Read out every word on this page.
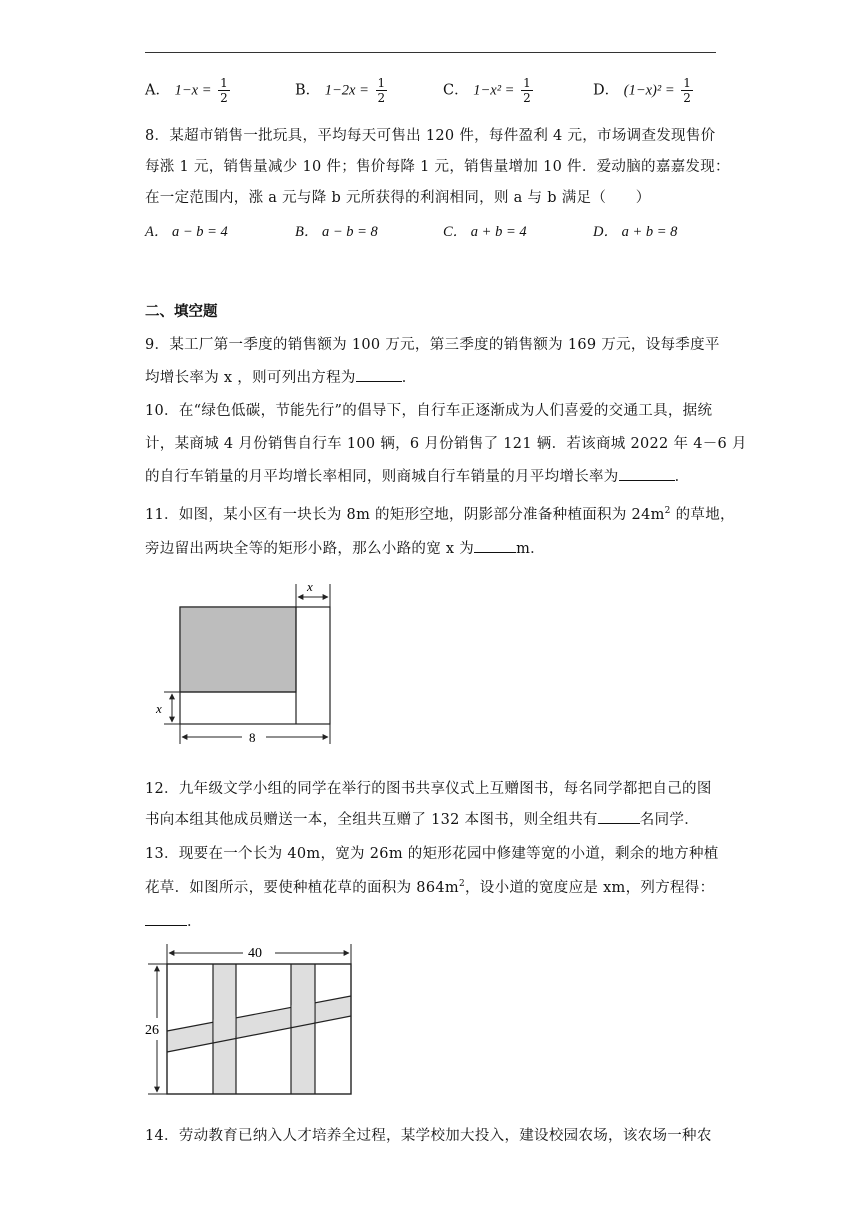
A． $1-x = \frac{1}{2}$	B． $1-2x = \frac{1}{2}$	C． $1-x^2 = \frac{1}{2}$	D． $(1-x)^2 = \frac{1}{2}$
8．某超市销售一批玩具，平均每天可售出 120 件，每件盈利 4 元，市场调查发现售价
每涨 1 元，销售量减少 10 件；售价每降 1 元，销售量增加 10 件．爱动脑的嘉嘉发现：
在一定范围内，涨 a 元与降 b 元所获得的利润相同，则 a 与 b 满足（　　）
A． a − b = 4	B． a − b = 8	C． a + b = 4	D． a + b = 8
二、填空题
9．某工厂第一季度的销售额为 100 万元，第三季度的销售额为 169 万元，设每季度平
均增长率为 x ，则可列出方程为	．
10．在“绿色低碳，节能先行”的倡导下，自行车正逐渐成为人们喜爱的交通工具，据统
计，某商城 4 月份销售自行车 100 辆，6 月份销售了 121 辆．若该商城 2022 年 4－6 月
的自行车销量的月平均增长率相同，则商城自行车销量的月平均增长率为	．
11．如图，某小区有一块长为 8m 的矩形空地，阴影部分准备种植面积为 $24m^2$ 的草地，
旁边留出两块全等的矩形小路，那么小路的宽 x 为	m．
x
x
8
12．九年级文学小组的同学在举行的图书共享仪式上互赠图书，每名同学都把自己的图
书向本组其他成员赠送一本，全组共互赠了 132 本图书，则全组共有	名同学．
13．现要在一个长为 40m，宽为 26m 的矩形花园中修建等宽的小道，剩余的地方种植
花草．如图所示，要使种植花草的面积为 $864m^2$，设小道的宽度应是 xm，列方程得：
．
40
26
14．劳动教育已纳入人才培养全过程，某学校加大投入，建设校园农场，该农场一种农
